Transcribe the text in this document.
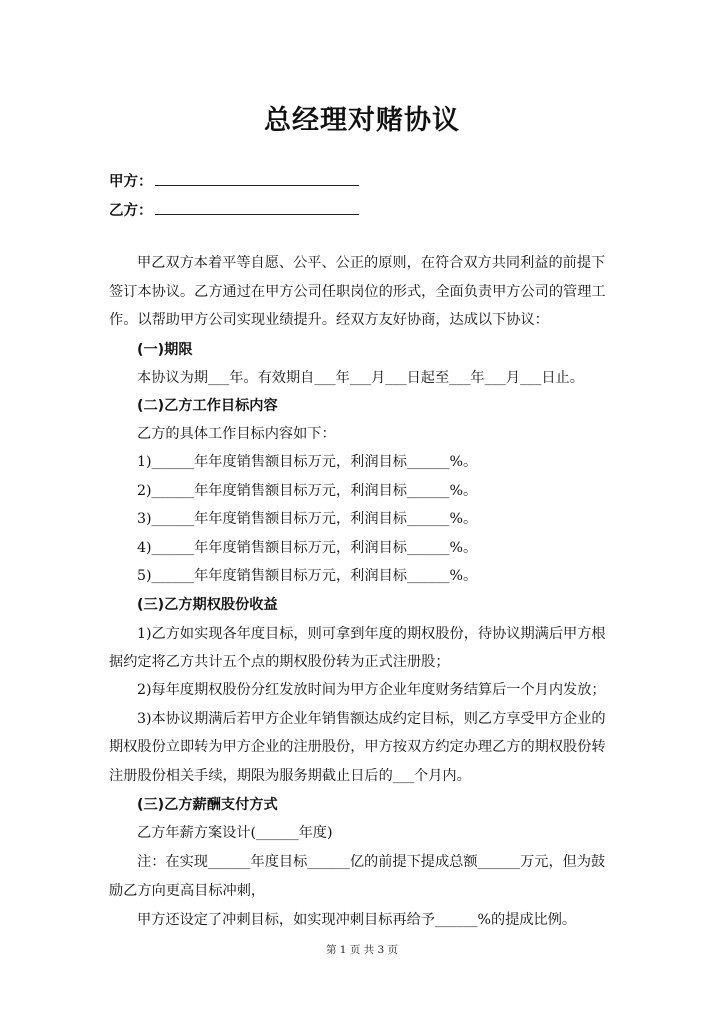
总经理对赌协议
甲方：
乙方：
甲乙双方本着平等自愿、公平、公正的原则，在符合双方共同利益的前提下
签订本协议。乙方通过在甲方公司任职岗位的形式，全面负责甲方公司的管理工
作。以帮助甲方公司实现业绩提升。经双方友好协商，达成以下协议：
(一)期限
本协议为期___年。有效期自___年___月___日起至___年___月___日止。
(二)乙方工作目标内容
乙方的具体工作目标内容如下：
1)______年年度销售额目标万元，利润目标______%。
2)______年年度销售额目标万元，利润目标______%。
3)______年年度销售额目标万元，利润目标______%。
4)______年年度销售额目标万元，利润目标______%。
5)______年年度销售额目标万元，利润目标______%。
(三)乙方期权股份收益
1)乙方如实现各年度目标，则可拿到年度的期权股份，待协议期满后甲方根
据约定将乙方共计五个点的期权股份转为正式注册股；
2)每年度期权股份分红发放时间为甲方企业年度财务结算后一个月内发放；
3)本协议期满后若甲方企业年销售额达成约定目标，则乙方享受甲方企业的
期权股份立即转为甲方企业的注册股份，甲方按双方约定办理乙方的期权股份转
注册股份相关手续，期限为服务期截止日后的___个月内。
(三)乙方薪酬支付方式
乙方年薪方案设计(______年度)
注：在实现______年度目标______亿的前提下提成总额______万元，但为鼓
励乙方向更高目标冲刺，
甲方还设定了冲刺目标，如实现冲刺目标再给予______%的提成比例。
第 1 页 共 3 页
